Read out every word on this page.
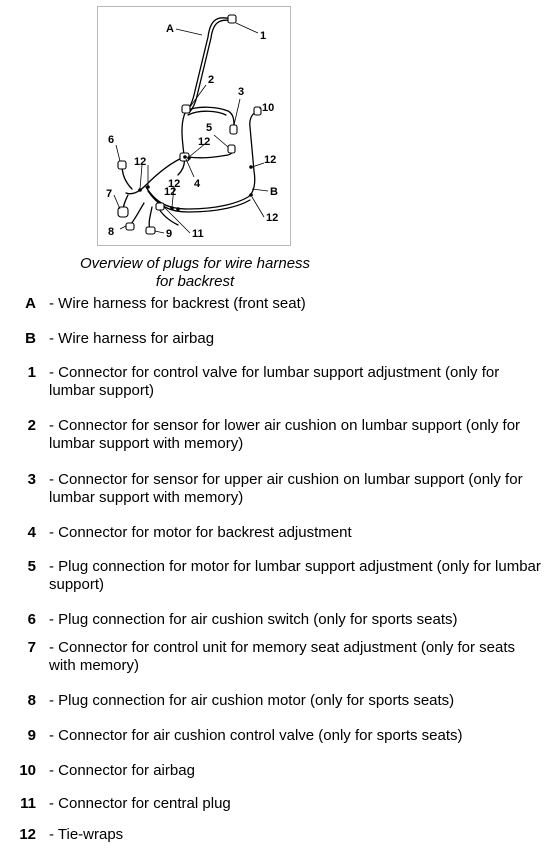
A
1
2
3
10
5
12
12
6
12
4
12
7	B
12
12
8	9 11
Overview of plugs for wire harness
for backrest
A - Wire harness for backrest (front seat)
B - Wire harness for airbag
1 - Connector for control valve for lumbar support adjustment (only for lumbar support)
2 - Connector for sensor for lower air cushion on lumbar support (only for lumbar support with memory)
3 - Connector for sensor for upper air cushion on lumbar support (only for lumbar support with memory)
4 - Connector for motor for backrest adjustment
5 - Plug connection for motor for lumbar support adjustment (only for lumbar support)
6 - Plug connection for air cushion switch (only for sports seats)
7 - Connector for control unit for memory seat adjustment (only for seats with memory)
8 - Plug connection for air cushion motor (only for sports seats)
9 - Connector for air cushion control valve (only for sports seats)
10 - Connector for airbag
11 - Connector for central plug
12 - Tie-wraps
